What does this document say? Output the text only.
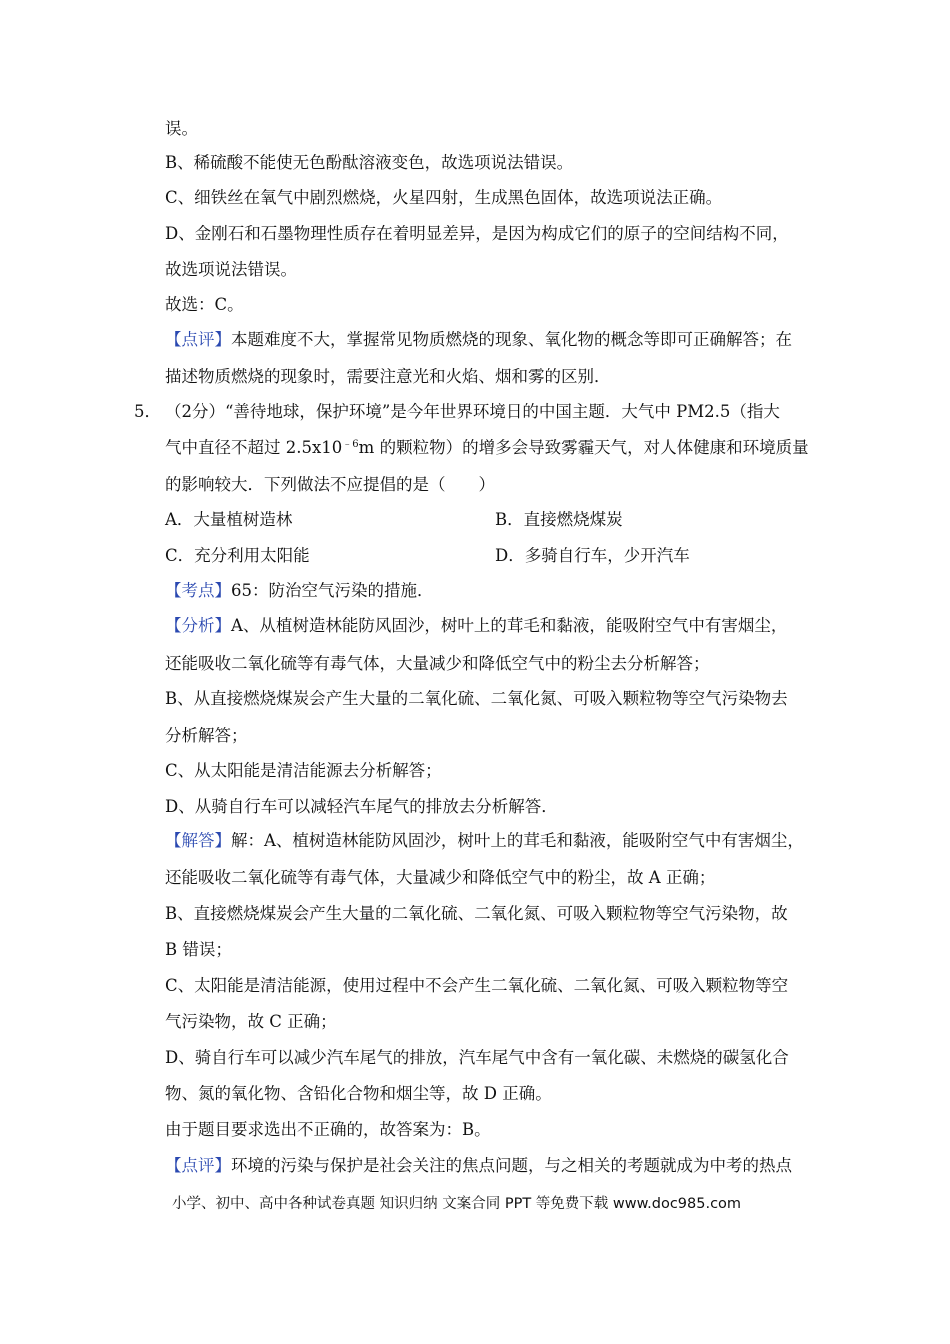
误。
B、稀硫酸不能使无色酚酞溶液变色，故选项说法错误。
C、细铁丝在氧气中剧烈燃烧，火星四射，生成黑色固体，故选项说法正确。
D、金刚石和石墨物理性质存在着明显差异，是因为构成它们的原子的空间结构不同，
故选项说法错误。
故选：C。
【点评】本题难度不大，掌握常见物质燃烧的现象、氧化物的概念等即可正确解答；在
描述物质燃烧的现象时，需要注意光和火焰、烟和雾的区别．
5． （2分）“善待地球，保护环境”是今年世界环境日的中国主题．大气中 PM2.5（指大
气中直径不超过 $2.5x10^{﹣6}m$ 的颗粒物）的增多会导致雾霾天气，对人体健康和环境质量
的影响较大．下列做法不应提倡的是（　　）
A．大量植树造林	B．直接燃烧煤炭
C．充分利用太阳能	D．多骑自行车，少开汽车
【考点】65：防治空气污染的措施．
【分析】A、从植树造林能防风固沙，树叶上的茸毛和黏液，能吸附空气中有害烟尘，
还能吸收二氧化硫等有毒气体，大量减少和降低空气中的粉尘去分析解答；
B、从直接燃烧煤炭会产生大量的二氧化硫、二氧化氮、可吸入颗粒物等空气污染物去
分析解答；
C、从太阳能是清洁能源去分析解答；
D、从骑自行车可以减轻汽车尾气的排放去分析解答．
【解答】解：A、植树造林能防风固沙，树叶上的茸毛和黏液，能吸附空气中有害烟尘，
还能吸收二氧化硫等有毒气体，大量减少和降低空气中的粉尘，故 A 正确；
B、直接燃烧煤炭会产生大量的二氧化硫、二氧化氮、可吸入颗粒物等空气污染物，故
B 错误；
C、太阳能是清洁能源，使用过程中不会产生二氧化硫、二氧化氮、可吸入颗粒物等空
气污染物，故 C 正确；
D、骑自行车可以减少汽车尾气的排放，汽车尾气中含有一氧化碳、未燃烧的碳氢化合
物、氮的氧化物、含铅化合物和烟尘等，故 D 正确。
由于题目要求选出不正确的，故答案为：B。
【点评】环境的污染与保护是社会关注的焦点问题，与之相关的考题就成为中考的热点
小学、初中、高中各种试卷真题 知识归纳 文案合同 PPT 等免费下载 www.doc985.com
